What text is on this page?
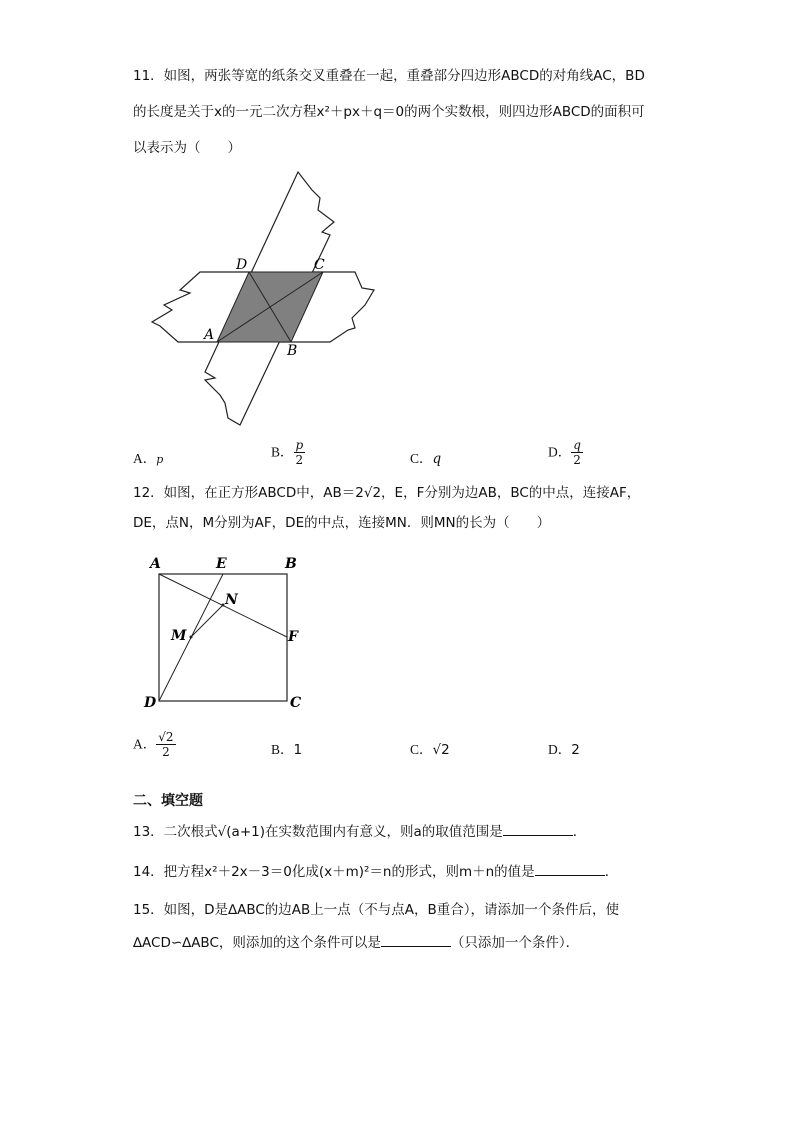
11．如图，两张等宽的纸条交叉重叠在一起，重叠部分四边形ABCD的对角线AC，BD
的长度是关于x的一元二次方程x²＋px＋q＝0的两个实数根，则四边形ABCD的面积可
以表示为（　　）
A
B
C
D
A．p	B． $\frac{p}{2}$	C．q	D． $\frac{q}{2}$
12．如图，在正方形ABCD中，AB＝2√2，E，F分别为边AB，BC的中点，连接AF，
DE，点N，M分别为AF，DE的中点，连接MN．则MN的长为（　　）
A	E	B
N
M	F
D	C
A． $\frac{√2}{2}$	B．1	C．√2	D．2
二、填空题
13．二次根式√(a+1)在实数范围内有意义，则a的取值范围是	．
14．把方程x²＋2x－3＝0化成(x＋m)²＝n的形式，则m＋n的值是	．
15．如图，D是∆ABC的边AB上一点（不与点A，B重合），请添加一个条件后，使
∆ACD∽∆ABC，则添加的这个条件可以是	（只添加一个条件）．
